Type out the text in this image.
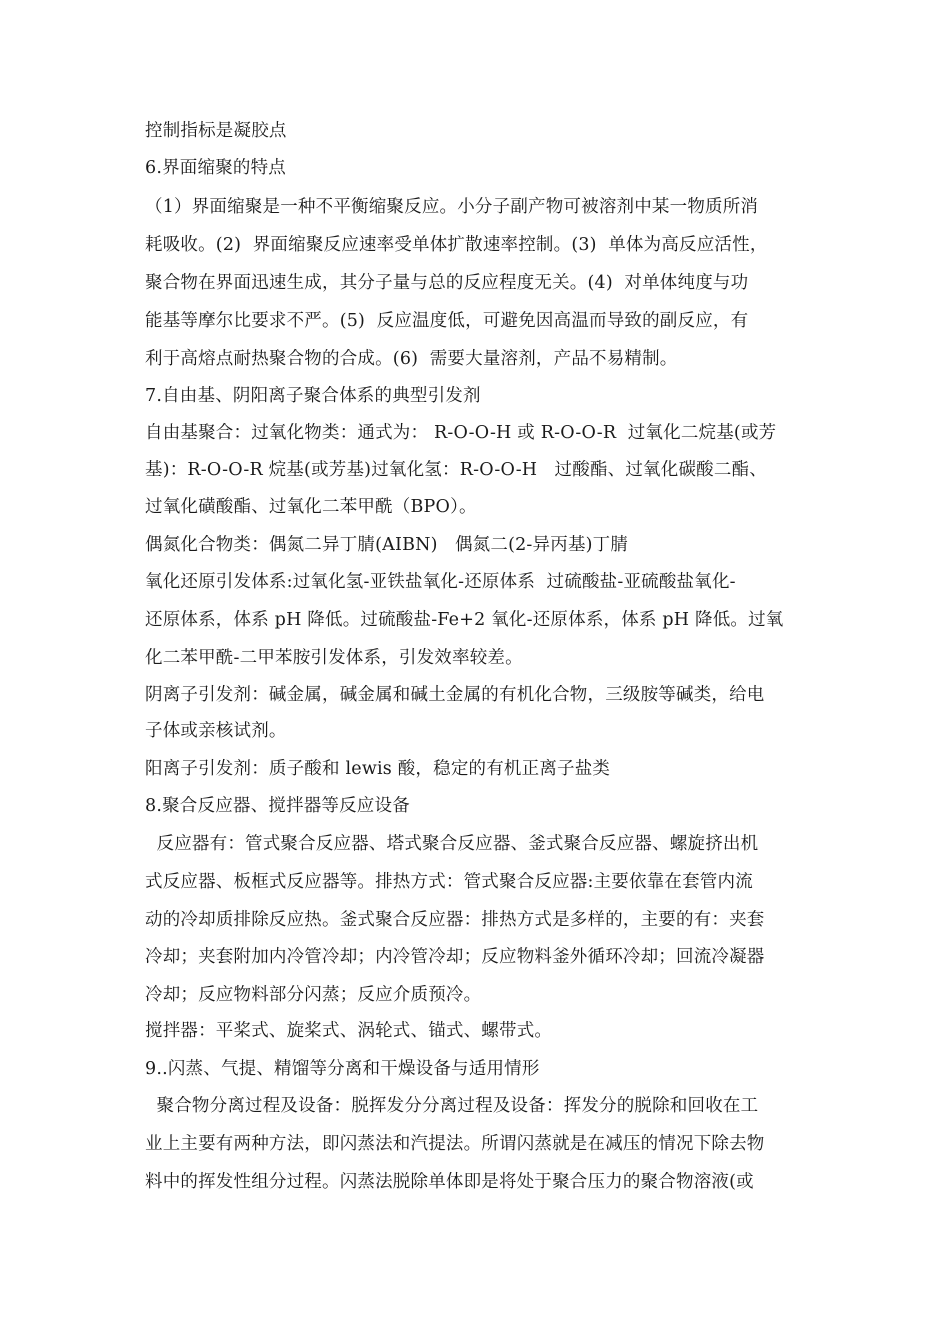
控制指标是凝胶点
6.界面缩聚的特点
（1）界面缩聚是一种不平衡缩聚反应。小分子副产物可被溶剂中某一物质所消
耗吸收。(2)  界面缩聚反应速率受单体扩散速率控制。(3)  单体为高反应活性，
聚合物在界面迅速生成，其分子量与总的反应程度无关。(4)  对单体纯度与功
能基等摩尔比要求不严。(5)  反应温度低，可避免因高温而导致的副反应，有
利于高熔点耐热聚合物的合成。(6)  需要大量溶剂，产品不易精制。
7.自由基、阴阳离子聚合体系的典型引发剂
自由基聚合：过氧化物类：通式为： R-O-O-H 或 R-O-O-R  过氧化二烷基(或芳
基)：R-O-O-R 烷基(或芳基)过氧化氢：R-O-O-H   过酸酯、过氧化碳酸二酯、
过氧化磺酸酯、过氧化二苯甲酰（BPO）。
偶氮化合物类：偶氮二异丁腈(AIBN)   偶氮二(2-异丙基)丁腈
氧化还原引发体系:过氧化氢-亚铁盐氧化-还原体系  过硫酸盐-亚硫酸盐氧化-
还原体系，体系 pH 降低。过硫酸盐-Fe+2 氧化-还原体系，体系 pH 降低。过氧
化二苯甲酰-二甲苯胺引发体系，引发效率较差。
阴离子引发剂：碱金属，碱金属和碱土金属的有机化合物，三级胺等碱类，给电
子体或亲核试剂。
阳离子引发剂：质子酸和 lewis 酸，稳定的有机正离子盐类
8.聚合反应器、搅拌器等反应设备
反应器有：管式聚合反应器、塔式聚合反应器、釜式聚合反应器、螺旋挤出机
式反应器、板框式反应器等。排热方式：管式聚合反应器:主要依靠在套管内流
动的冷却质排除反应热。釜式聚合反应器：排热方式是多样的，主要的有：夹套
冷却；夹套附加内冷管冷却；内冷管冷却；反应物料釜外循环冷却；回流冷凝器
冷却；反应物料部分闪蒸；反应介质预冷。
搅拌器：平桨式、旋桨式、涡轮式、锚式、螺带式。
9..闪蒸、气提、精馏等分离和干燥设备与适用情形
聚合物分离过程及设备：脱挥发分分离过程及设备：挥发分的脱除和回收在工
业上主要有两种方法，即闪蒸法和汽提法。所谓闪蒸就是在减压的情况下除去物
料中的挥发性组分过程。闪蒸法脱除单体即是将处于聚合压力的聚合物溶液(或
